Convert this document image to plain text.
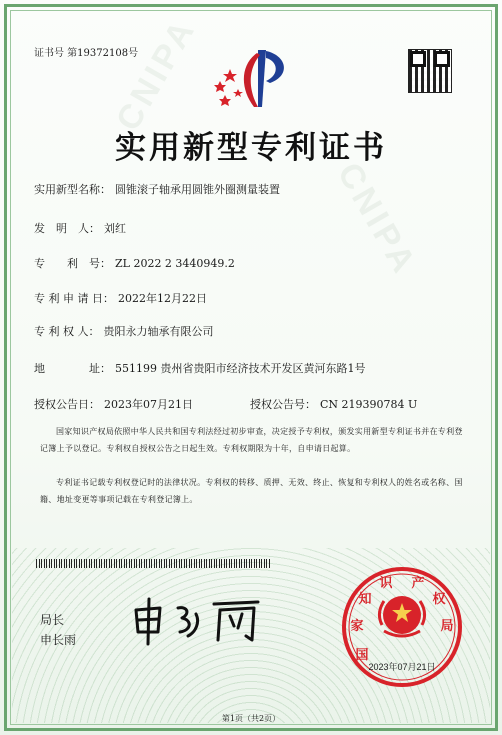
CNIPA
CNIPA
证书号 第19372108号
实用新型专利证书
实用新型名称： 圆锥滚子轴承用圆锥外圈测量装置
发　明　人： 刘红
专　　利　号： ZL 2022 2 3440949.2
专 利 申 请 日： 2022年12月22日
专 利 权 人： 贵阳永力轴承有限公司
地　　　　址： 551199 贵州省贵阳市经济技术开发区黄河东路1号
授权公告日： 2023年07月21日	授权公告号： CN 219390784 U
国家知识产权局依照中华人民共和国专利法经过初步审查，决定授予专利权，颁发实用新型专利证书并在专利登记簿上予以登记。专利权自授权公告之日起生效。专利权期限为十年，自申请日起算。
专利证书记载专利权登记时的法律状况。专利权的转移、质押、无效、终止、恢复和专利权人的姓名或名称、国籍、地址变更等事项记载在专利登记簿上。
局长
申长雨
国
家
知
识 产
权
局
2023年07月21日
第1页（共2页）
